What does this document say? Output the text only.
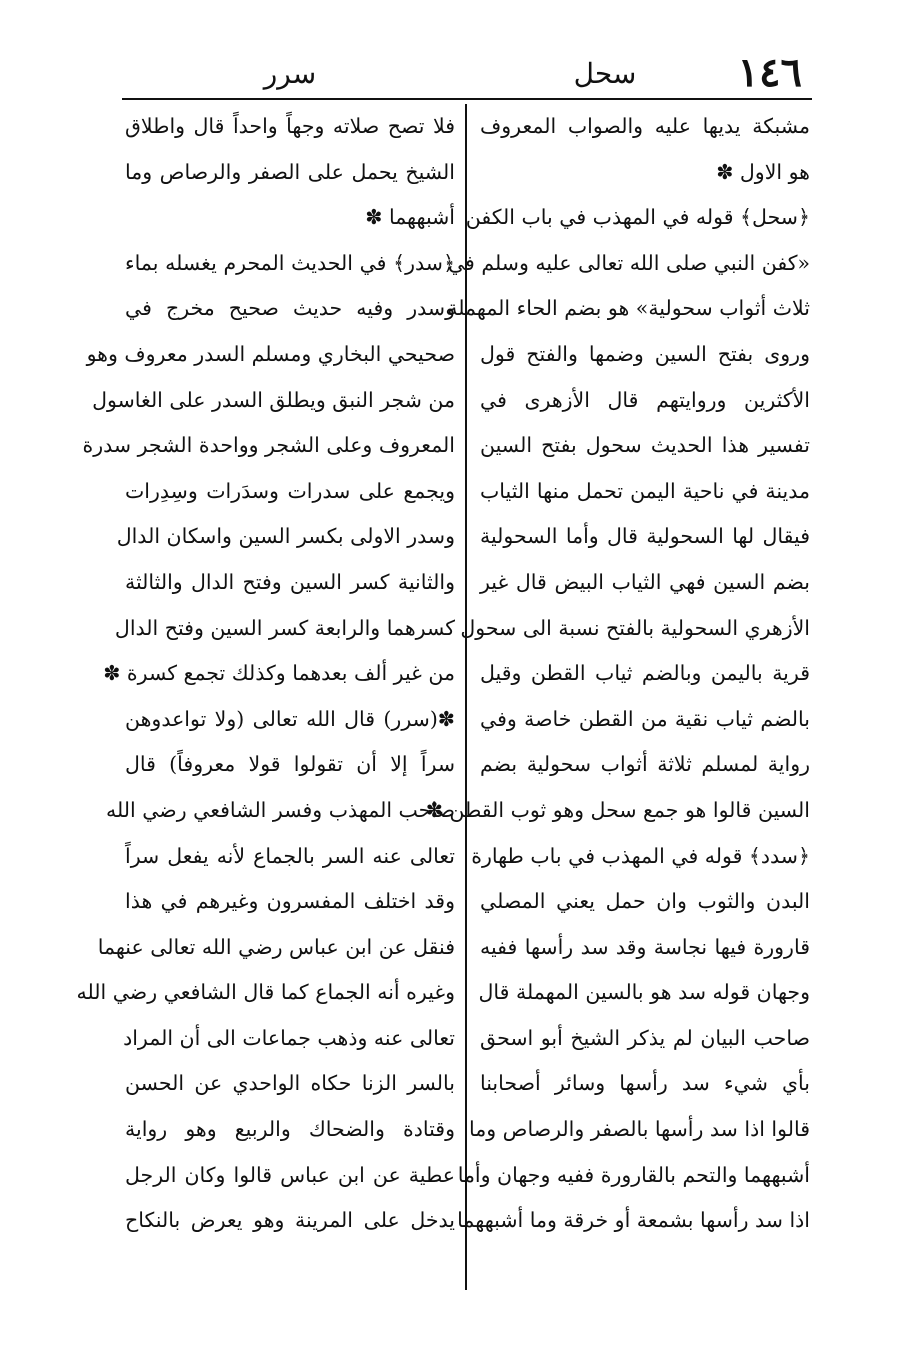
١٤٦
سحل
سرر
مشبكة يديها عليه والصواب المعروف
هو الاول ✽
﴿سحل﴾ قوله في المهذب في باب الكفن
«كفن النبي صلى الله تعالى عليه وسلم في
ثلاث أثواب سحولية» هو بضم الحاء المهملة
وروى بفتح السين وضمها والفتح قول
الأكثرين وروايتهم قال الأزهرى في
تفسير هذا الحديث سحول بفتح السين
مدينة في ناحية اليمن تحمل منها الثياب
فيقال لها السحولية قال وأما السحولية
بضم السين فهي الثياب البيض قال غير
الأزهري السحولية بالفتح نسبة الى سحول
قرية باليمن وبالضم ثياب القطن وقيل
بالضم ثياب نقية من القطن خاصة وفي
رواية لمسلم ثلاثة أثواب سحولية بضم
السين قالوا هو جمع سحل وهو ثوب القطن ✽
﴿سدد﴾ قوله في المهذب في باب طهارة
البدن والثوب وان حمل يعني المصلي
قارورة فيها نجاسة وقد سد رأسها ففيه
وجهان قوله سد هو بالسين المهملة قال
صاحب البيان لم يذكر الشيخ أبو اسحق
بأي شيء سد رأسها وسائر أصحابنا
قالوا اذا سد رأسها بالصفر والرصاص وما
أشبههما والتحم بالقارورة ففيه وجهان وأما
اذا سد رأسها بشمعة أو خرقة وما أشبههما
فلا تصح صلاته وجهاً واحداً قال واطلاق
الشيخ يحمل على الصفر والرصاص وما
أشبههما ✽
﴿سدر﴾ في الحديث المحرم يغسله بماء
وسدر وفيه حديث صحيح مخرج في
صحيحي البخاري ومسلم السدر معروف وهو
من شجر النبق ويطلق السدر على الغاسول
المعروف وعلى الشجر وواحدة الشجر سدرة
ويجمع على سدرات وسدَرات وسِدِرات
وسدر الاولى بكسر السين واسكان الدال
والثانية كسر السين وفتح الدال والثالثة
كسرهما والرابعة كسر السين وفتح الدال
من غير ألف بعدهما وكذلك تجمع كسرة ✽
✽(سرر) قال الله تعالى (ولا تواعدوهن
سراً إلا أن تقولوا قولا معروفاً) قال
صاحب المهذب وفسر الشافعي رضي الله
تعالى عنه السر بالجماع لأنه يفعل سراً
وقد اختلف المفسرون وغيرهم في هذا
فنقل عن ابن عباس رضي الله تعالى عنهما
وغيره أنه الجماع كما قال الشافعي رضي الله
تعالى عنه وذهب جماعات الى أن المراد
بالسر الزنا حكاه الواحدي عن الحسن
وقتادة والضحاك والربيع وهو رواية
عطية عن ابن عباس قالوا وكان الرجل
يدخل على المرينة وهو يعرض بالنكاح
